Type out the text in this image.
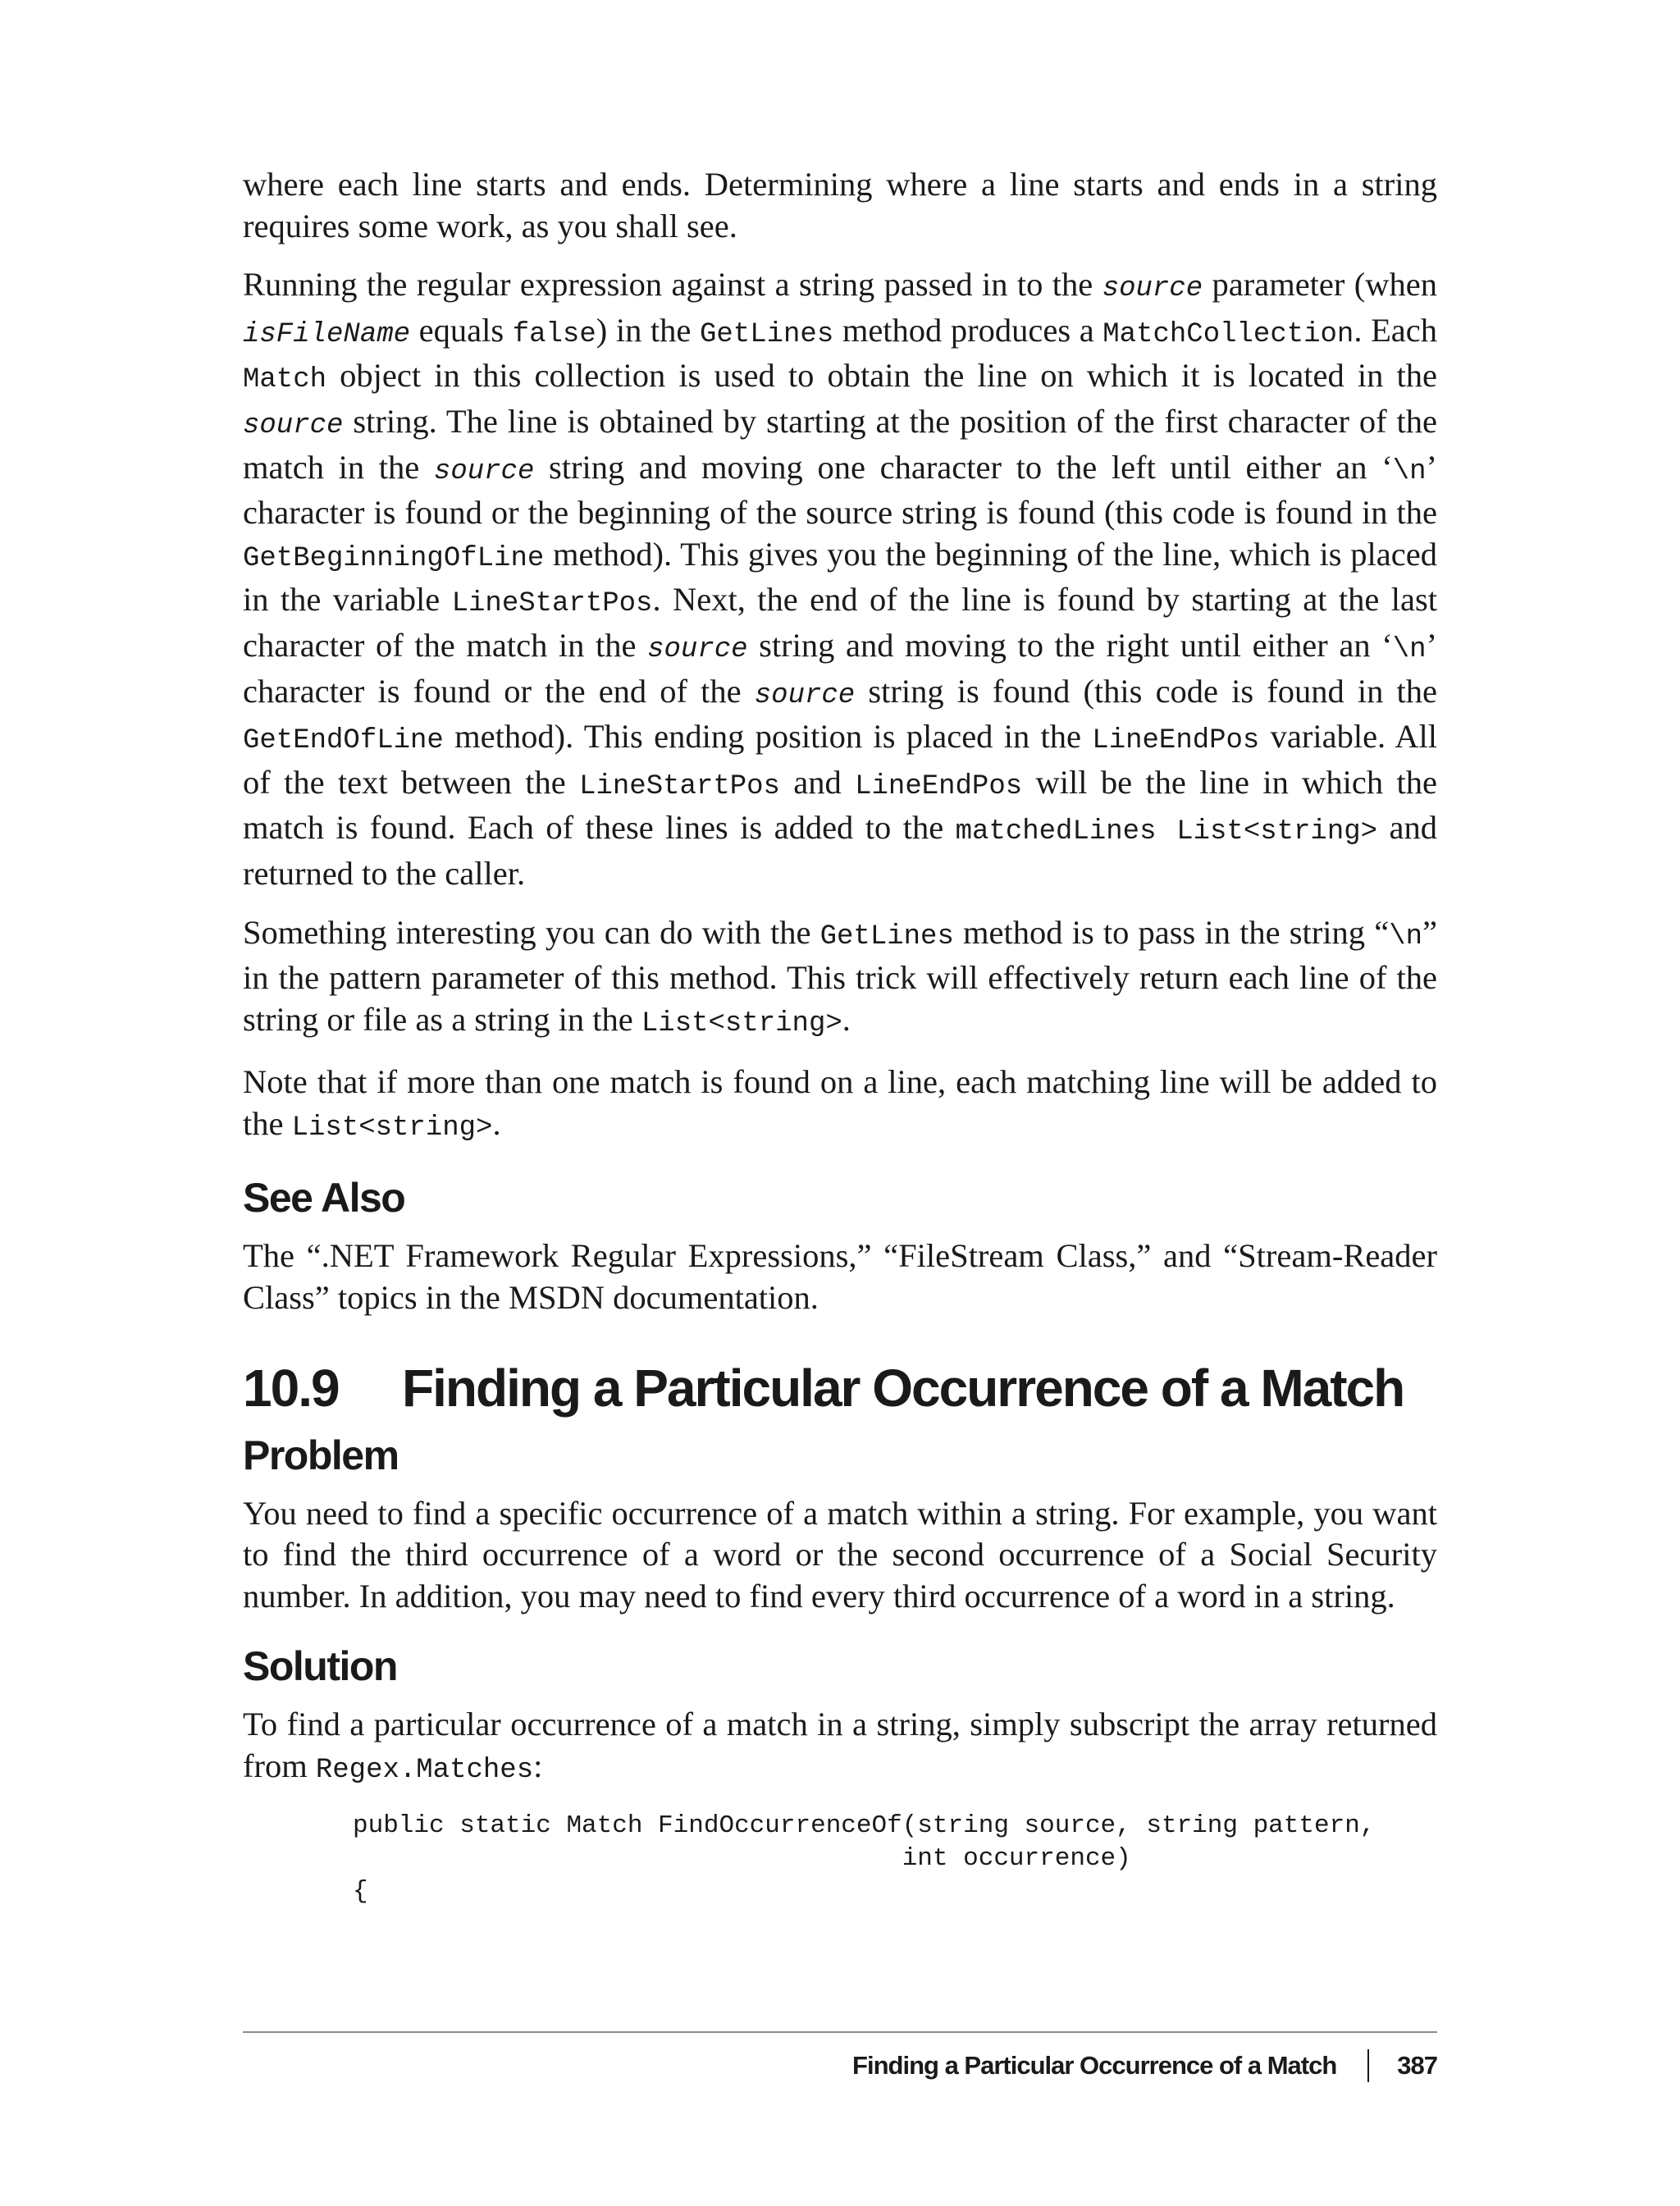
where each line starts and ends. Determining where a line starts and ends in a string requires some work, as you shall see.

Running the regular expression against a string passed in to the source parameter (when isFileName equals false) in the GetLines method produces a MatchCollection. Each Match object in this collection is used to obtain the line on which it is located in the source string. The line is obtained by starting at the position of the first character of the match in the source string and moving one character to the left until either an ‘\n’ character is found or the beginning of the source string is found (this code is found in the GetBeginningOfLine method). This gives you the beginning of the line, which is placed in the variable LineStartPos. Next, the end of the line is found by starting at the last character of the match in the source string and moving to the right until either an ‘\n’ character is found or the end of the source string is found (this code is found in the GetEndOfLine method). This ending position is placed in the LineEndPos variable. All of the text between the LineStartPos and LineEndPos will be the line in which the match is found. Each of these lines is added to the matchedLines List<string> and returned to the caller.

Something interesting you can do with the GetLines method is to pass in the string “\n” in the pattern parameter of this method. This trick will effectively return each line of the string or file as a string in the List<string>.

Note that if more than one match is found on a line, each matching line will be added to the List<string>.

See Also

The “.NET Framework Regular Expressions,” “FileStream Class,” and “Stream-Reader Class” topics in the MSDN documentation.

10.9	Finding a Particular Occurrence of a Match
Problem

You need to find a specific occurrence of a match within a string. For example, you want to find the third occurrence of a word or the second occurrence of a Social Security number. In addition, you may need to find every third occurrence of a word in a string.

Solution

To find a particular occurrence of a match in a string, simply subscript the array returned from Regex.Matches:

public static Match FindOccurrenceOf(string source, string pattern,
int occurrence)
{
Finding a Particular Occurrence of a Match 387
